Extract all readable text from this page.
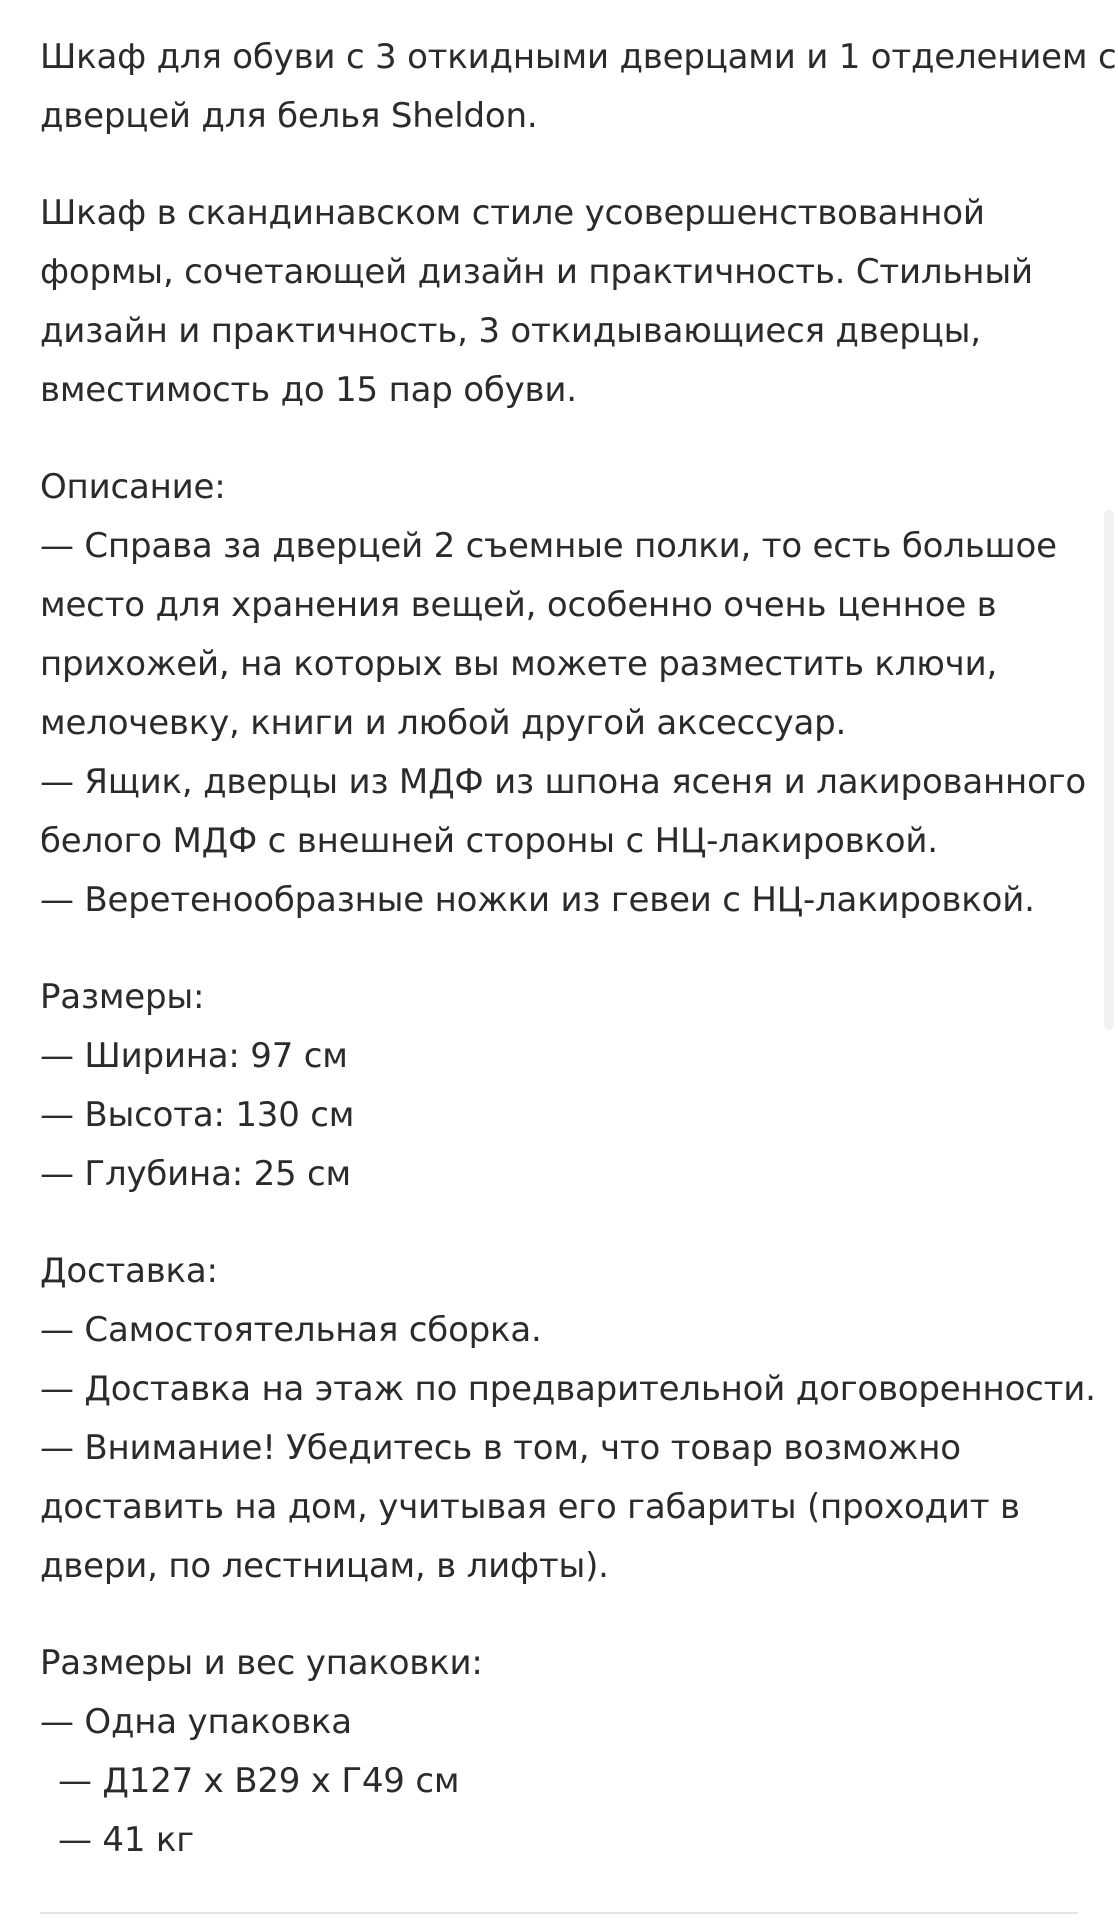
Шкаф для обуви с 3 откидными дверцами и 1 отделением с
дверцей для белья Sheldon.

Шкаф в скандинавском стиле усовершенствованной
формы, сочетающей дизайн и практичность. Стильный
дизайн и практичность, 3 откидывающиеся дверцы,
вместимость до 15 пар обуви.

Описание:
— Справа за дверцей 2 съемные полки, то есть большое
место для хранения вещей, особенно очень ценное в
прихожей, на которых вы можете разместить ключи,
мелочевку, книги и любой другой аксессуар.
— Ящик, дверцы из МДФ из шпона ясеня и лакированного
белого МДФ с внешней стороны с НЦ-лакировкой.
— Веретенообразные ножки из гевеи с НЦ-лакировкой.

Размеры:
— Ширина: 97 см
— Высота: 130 см
— Глубина: 25 см

Доставка:
— Самостоятельная сборка.
— Доставка на этаж по предварительной договоренности.
— Внимание! Убедитесь в том, что товар возможно
доставить на дом, учитывая его габариты (проходит в
двери, по лестницам, в лифты).

Размеры и вес упаковки:
— Одна упаковка
— Д127 х В29 х Г49 см
— 41 кг
